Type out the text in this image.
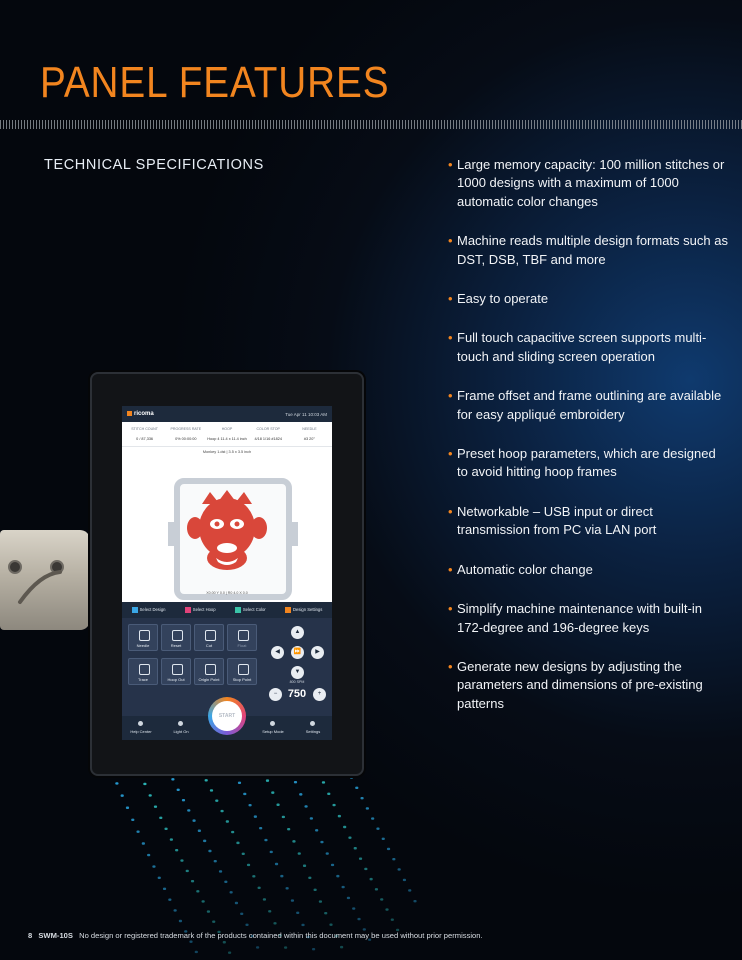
PANEL FEATURES
TECHNICAL SPECIFICATIONS
•	Large memory capacity: 100 million stitches or 1000 designs with a maximum of 1000 automatic color changes
• Machine reads multiple design formats such as DST, DSB, TBF and more
• Easy to operate
• Full touch capacitive screen supports multi-touch and sliding screen operation
• Frame offset and frame outlining are available for easy appliqué embroidery
• Preset hoop parameters, which are designed to avoid hitting hoop frames
• Networkable – USB input or direct transmission from PC via LAN port
• Automatic color change
• Simplify machine maintenance with built-in 172-degree and 196-degree keys
• Generate new designs by adjusting the parameters and dimensions of pre-existing patterns
ricoma	Tue Apr 11 10:03 AM
STITCH COUNT
0 / 87,336
PROGRESS RATE
0% 00:00:00
HOOP
Hoop 4 11.4 x 11.4 inch
COLOR STOP
4/18 1/16 #1824
NEEDLE
#3 20°
Monkey 1.dst | 3.5 x 3.5 inch
X0.00 Y 0.0 | R0 4.0 X 0.0
Select Design	Select Hoop	Select Color	Design Settings
Needle	Reset	Cut	Float
Trace	Hoop Out	Origin Point	Stop Point
▲
◀	⏩	▶
▼
800 SPM
− 750	+
Help Center	Light On	Setup Mode	Settings
START
8 SWM-10S No design or registered trademark of the products contained within this document may be used without prior permission.
